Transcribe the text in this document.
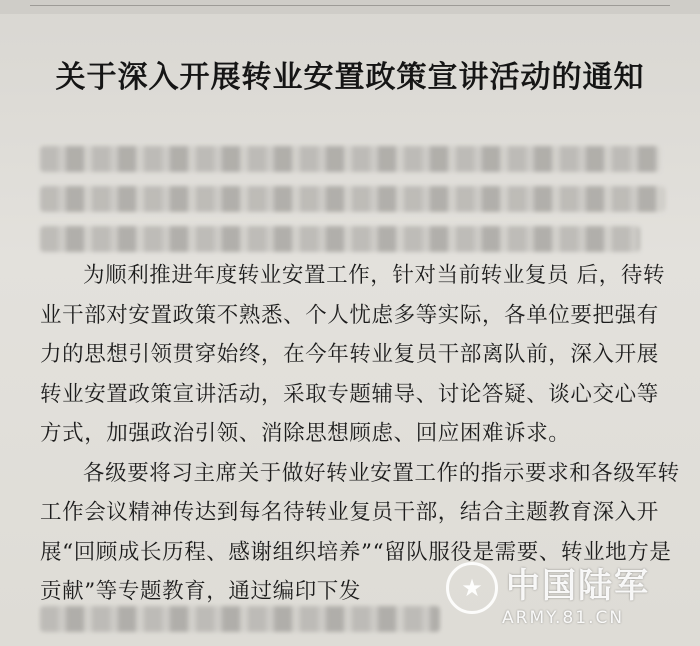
关于深入开展转业安置政策宣讲活动的通知

为顺利推进年度转业安置工作，针对当前转业复员 后，待转业干部对安置政策不熟悉、个人忧虑多等实际，各单位要把强有力的思想引领贯穿始终，在今年转业复员干部离队前，深入开展转业安置政策宣讲活动，采取专题辅导、讨论答疑、谈心交心等方式，加强政治引领、消除思想顾虑、回应困难诉求。

各级要将习主席关于做好转业安置工作的指示要求和各级军转工作会议精神传达到每名待转业复员干部，结合主题教育深入开展“回顾成长历程、感谢组织培养”“留队服役是需要、转业地方是贡献”等专题教育，通过编印下发	★ 中国陆军
ARMY.81.CN
